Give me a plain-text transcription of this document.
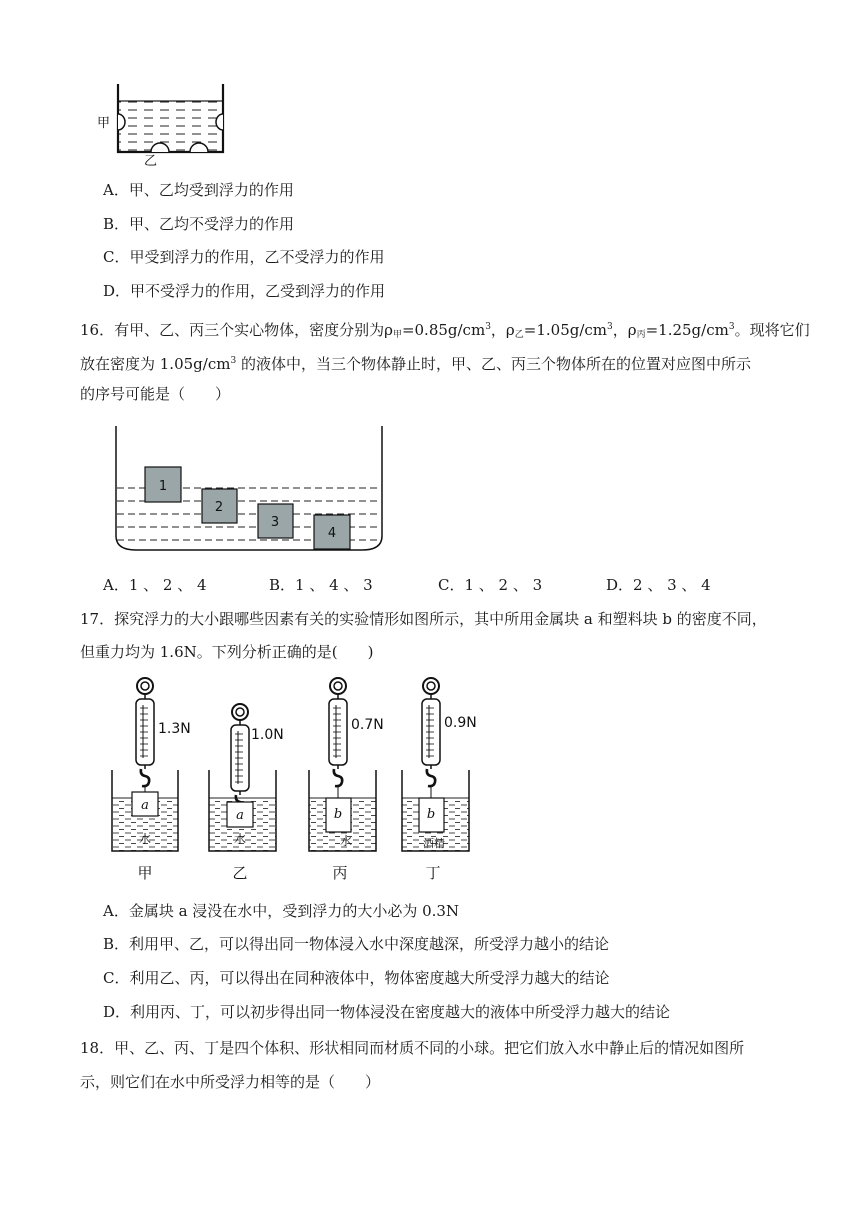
甲
乙
A．甲、乙均受到浮力的作用
B．甲、乙均不受浮力的作用
C．甲受到浮力的作用，乙不受浮力的作用
D．甲不受浮力的作用，乙受到浮力的作用
16．有甲、乙、丙三个实心物体，密度分别为$\rho_甲=0.85g/cm^3$，$\rho_乙=1.05g/cm^3$，$\rho_丙=1.25g/cm^3$。现将它们
放在密度为 $1.05g/cm^3$ 的液体中，当三个物体静止时，甲、乙、丙三个物体所在的位置对应图中所示
的序号可能是（　　）
1
2
3
4
A．1 、 2 、 4	B．1 、 4 、 3	C．1 、 2 、 3	D．2 、 3 、 4
17．探究浮力的大小跟哪些因素有关的实验情形如图所示，其中所用金属块 a 和塑料块 b 的密度不同，
但重力均为 1.6N。下列分析正确的是(　　)
a
水
1.3N
甲
a
水
1.0N
乙
b
水
0.7N
丙
b
酒精
0.9N
丁
A．金属块 a 浸没在水中，受到浮力的大小必为 0.3N
B．利用甲、乙，可以得出同一物体浸入水中深度越深，所受浮力越小的结论
C．利用乙、丙，可以得出在同种液体中，物体密度越大所受浮力越大的结论
D．利用丙、丁，可以初步得出同一物体浸没在密度越大的液体中所受浮力越大的结论
18．甲、乙、丙、丁是四个体积、形状相同而材质不同的小球。把它们放入水中静止后的情况如图所
示，则它们在水中所受浮力相等的是（　　）
